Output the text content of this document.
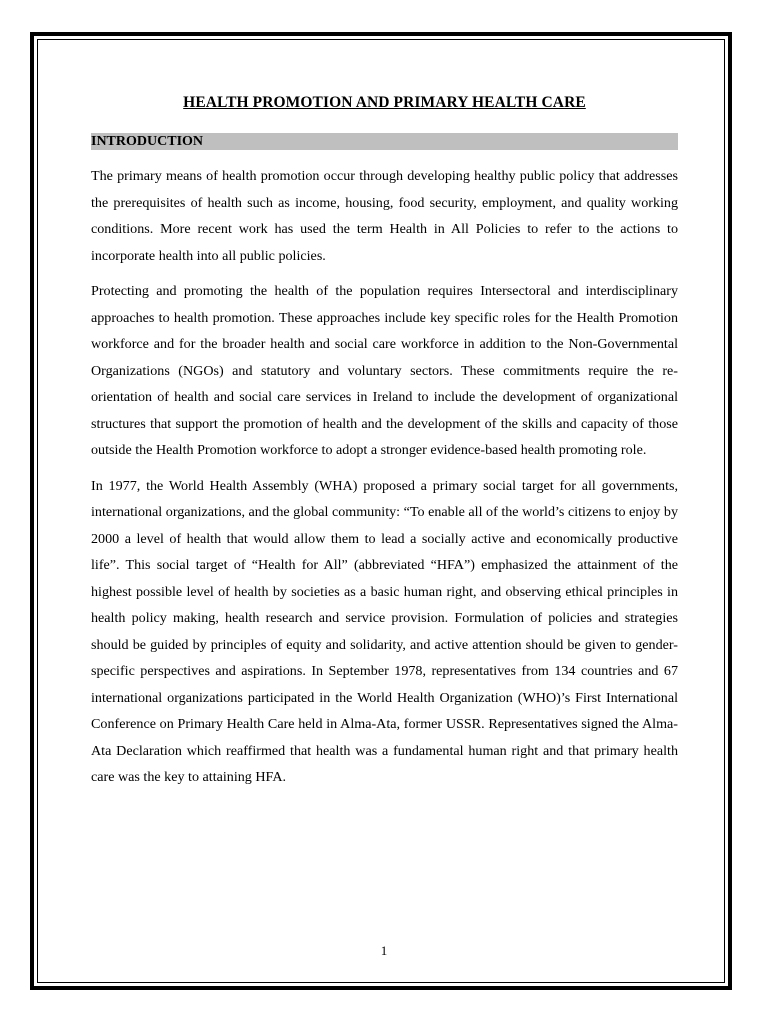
HEALTH PROMOTION AND PRIMARY HEALTH CARE
INTRODUCTION

The primary means of health promotion occur through developing healthy public policy that addresses the prerequisites of health such as income, housing, food security, employment, and quality working conditions. More recent work has used the term Health in All Policies to refer to the actions to incorporate health into all public policies.

Protecting and promoting the health of the population requires Intersectoral and interdisciplinary approaches to health promotion. These approaches include key specific roles for the Health Promotion workforce and for the broader health and social care workforce in addition to the Non-Governmental Organizations (NGOs) and statutory and voluntary sectors. These commitments require the re-orientation of health and social care services in Ireland to include the development of organizational structures that support the promotion of health and the development of the skills and capacity of those outside the Health Promotion workforce to adopt a stronger evidence-based health promoting role.

In 1977, the World Health Assembly (WHA) proposed a primary social target for all governments, international organizations, and the global community: “To enable all of the world’s citizens to enjoy by 2000 a level of health that would allow them to lead a socially active and economically productive life”. This social target of “Health for All” (abbreviated “HFA”) emphasized the attainment of the highest possible level of health by societies as a basic human right, and observing ethical principles in health policy making, health research and service provision. Formulation of policies and strategies should be guided by principles of equity and solidarity, and active attention should be given to gender-specific perspectives and aspirations. In September 1978, representatives from 134 countries and 67 international organizations participated in the World Health Organization (WHO)’s First International Conference on Primary Health Care held in Alma-Ata, former USSR. Representatives signed the Alma-Ata Declaration which reaffirmed that health was a fundamental human right and that primary health care was the key to attaining HFA.

1
